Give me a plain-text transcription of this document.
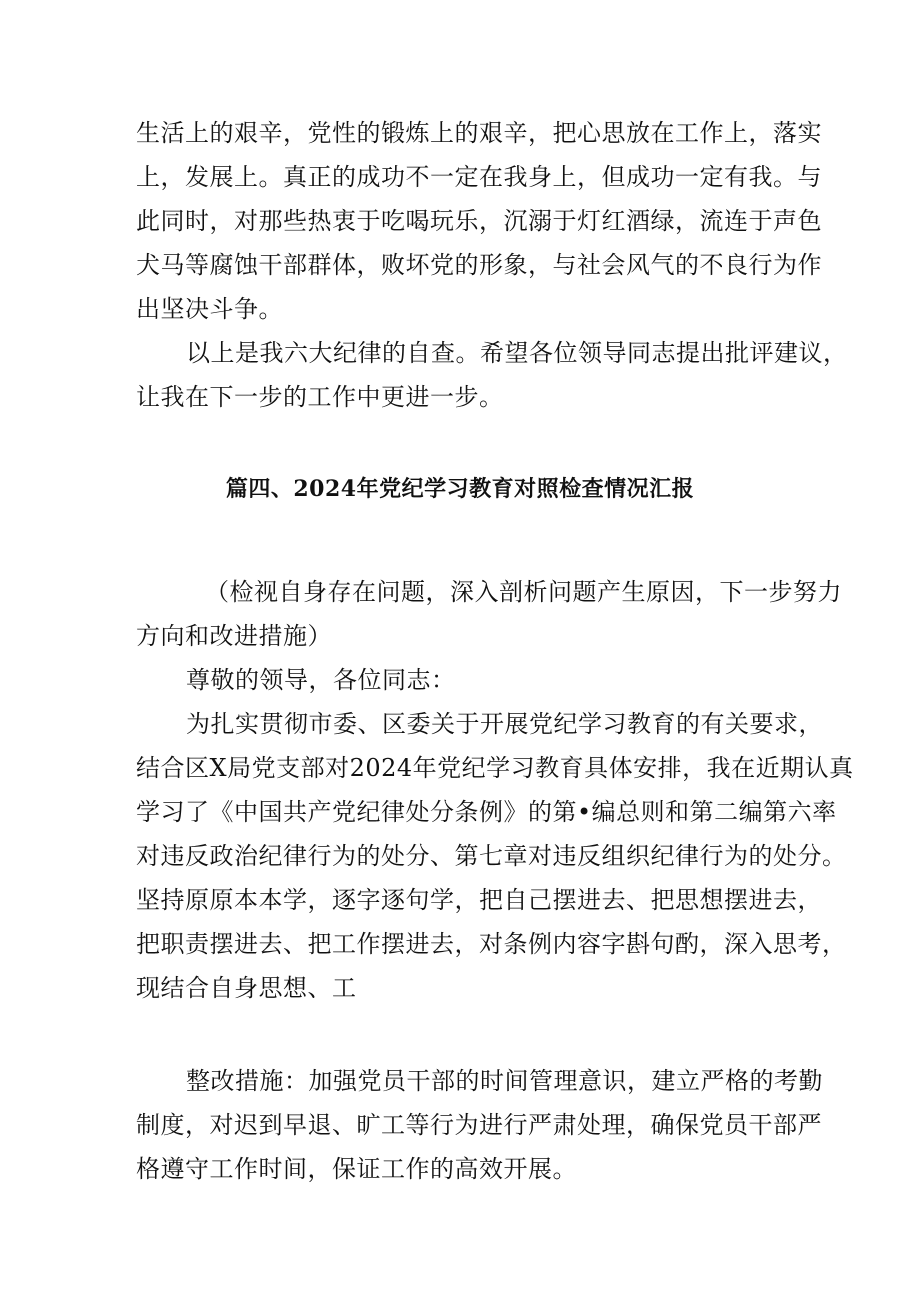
生活上的艰辛，党性的锻炼上的艰辛，把心思放在工作上，落实
上，发展上。真正的成功不一定在我身上，但成功一定有我。与
此同时，对那些热衷于吃喝玩乐，沉溺于灯红酒绿，流连于声色
犬马等腐蚀干部群体，败坏党的形象，与社会风气的不良行为作
出坚决斗争。
以上是我六大纪律的自查。希望各位领导同志提出批评建议，
让我在下一步的工作中更进一步。
篇四、2024年党纪学习教育对照检查情况汇报
（检视自身存在问题，深入剖析问题产生原因，下一步努力
方向和改进措施）
尊敬的领导，各位同志：
为扎实贯彻市委、区委关于开展党纪学习教育的有关要求，
结合区X局党支部对2024年党纪学习教育具体安排，我在近期认真
学习了《中国共产党纪律处分条例》的第•编总则和第二编第六率
对违反政治纪律行为的处分、第七章对违反组织纪律行为的处分。
坚持原原本本学，逐字逐句学，把自己摆进去、把思想摆进去，
把职责摆进去、把工作摆进去，对条例内容字斟句酌，深入思考，
现结合自身思想、工
整改措施：加强党员干部的时间管理意识，建立严格的考勤
制度，对迟到早退、旷工等行为进行严肃处理，确保党员干部严
格遵守工作时间，保证工作的高效开展。
